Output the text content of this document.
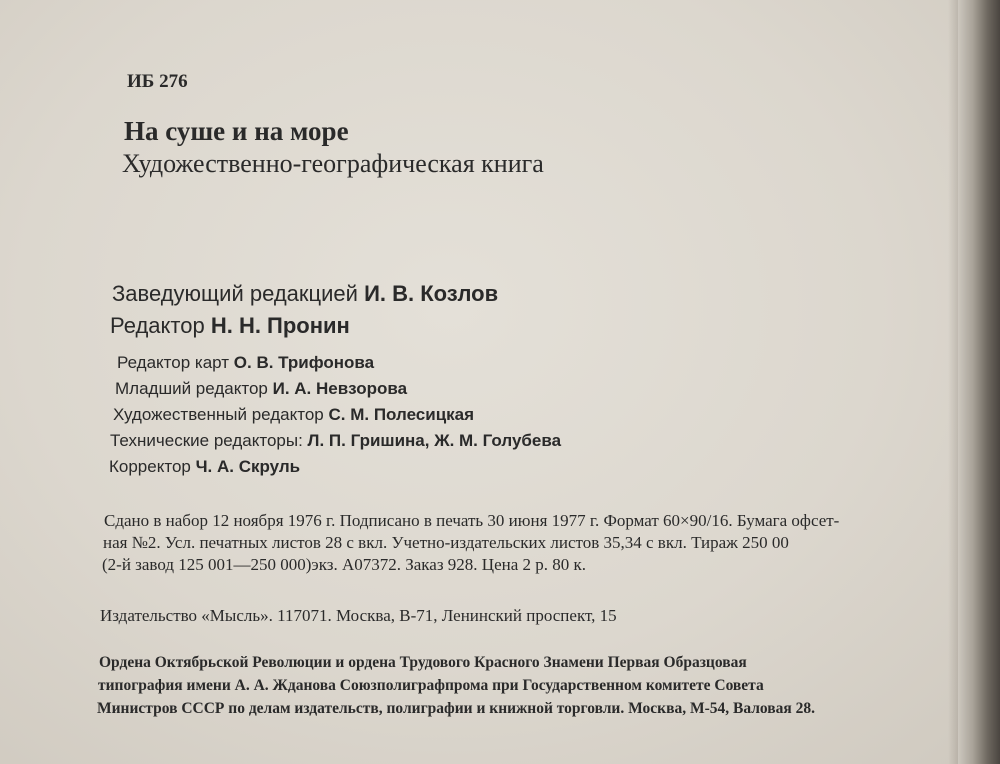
ИБ 276
На суше и на море
Художественно-географическая книга
Заведующий редакцией И. В. Козлов
Редактор Н. Н. Пронин
Редактор карт О. В. Трифонова
Младший редактор И. А. Невзорова
Художественный редактор С. М. Полесицкая
Технические редакторы: Л. П. Гришина, Ж. М. Голубева
Корректор Ч. А. Скруль
Сдано в набор 12 ноября 1976 г. Подписано в печать 30 июня 1977 г. Формат 60×90/16. Бумага офсет-
ная №2. Усл. печатных листов 28 с вкл. Учетно-издательских листов 35,34 с вкл. Тираж 250 00
(2-й завод 125 001—250 000)экз. А07372. Заказ 928. Цена 2 р. 80 к.
Издательство «Мысль». 117071. Москва, В-71, Ленинский проспект, 15
Ордена Октябрьской Революции и ордена Трудового Красного Знамени Первая Образцовая
типография имени А. А. Жданова Союзполиграфпрома при Государственном комитете Совета
Министров СССР по делам издательств, полиграфии и книжной торговли. Москва, М-54, Валовая 28.
